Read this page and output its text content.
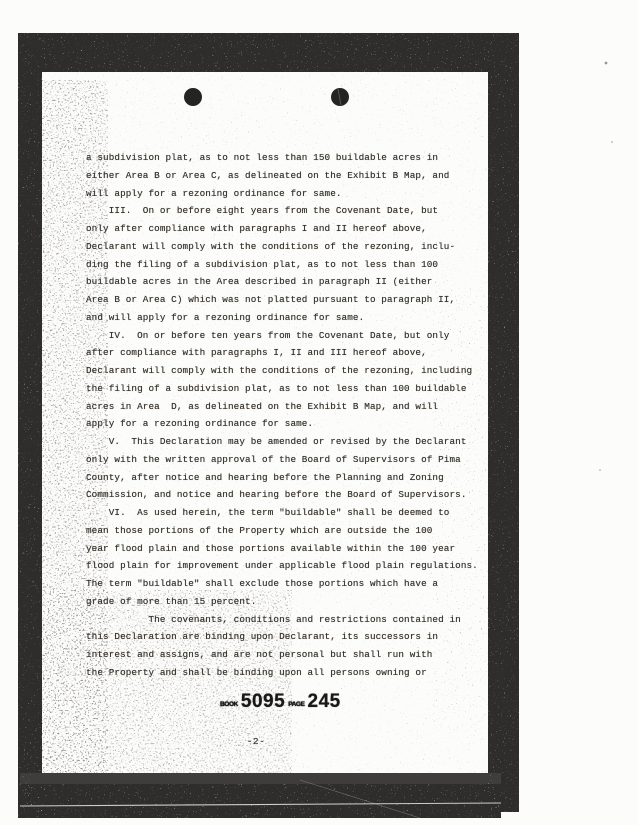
a subdivision plat, as to not less than 150 buildable acres in
either Area B or Area C, as delineated on the Exhibit B Map, and
will apply for a rezoning ordinance for same.
III.  On or before eight years from the Covenant Date, but
only after compliance with paragraphs I and II hereof above,
Declarant will comply with the conditions of the rezoning, inclu-
ding the filing of a subdivision plat, as to not less than 100
buildable acres in the Area described in paragraph II (either
Area B or Area C) which was not platted pursuant to paragraph II,
and will apply for a rezoning ordinance for same.
IV.  On or before ten years from the Covenant Date, but only
after compliance with paragraphs I, II and III hereof above,
Declarant will comply with the conditions of the rezoning, including
the filing of a subdivision plat, as to not less than 100 buildable
acres in Area  D, as delineated on the Exhibit B Map, and will
apply for a rezoning ordinance for same.
V.  This Declaration may be amended or revised by the Declarant
only with the written approval of the Board of Supervisors of Pima
County, after notice and hearing before the Planning and Zoning
Commission, and notice and hearing before the Board of Supervisors.
VI.  As used herein, the term "buildable" shall be deemed to
mean those portions of the Property which are outside the 100
year flood plain and those portions available within the 100 year
flood plain for improvement under applicable flood plain regulations.
The term "buildable" shall exclude those portions which have a
grade of more than 15 percent.
The covenants, conditions and restrictions contained in
this Declaration are binding upon Declarant, its successors in
interest and assigns, and are not personal but shall run with
the Property and shall be binding upon all persons owning or
BOOK 5095 PAGE 245
-2-
